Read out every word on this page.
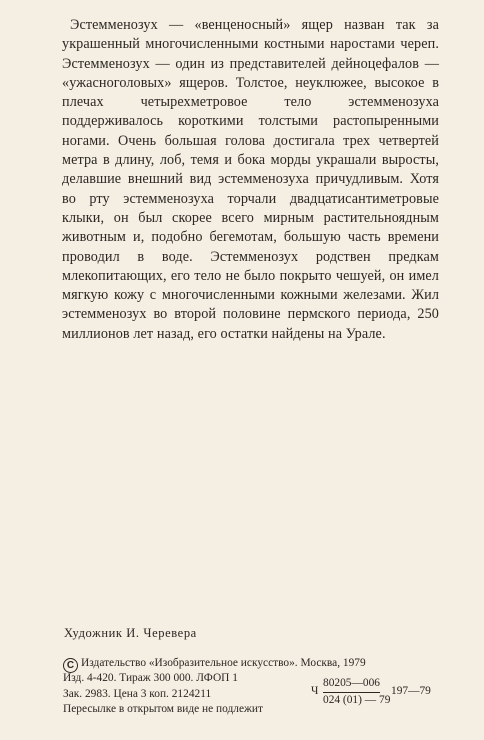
Эстемменозух — «венценосный» ящер назван так за украшенный многочисленными костными наростами череп. Эстемменозух — один из представителей дейноцефалов — «ужасноголовых» ящеров. Толстое, неуклюжее, высокое в плечах четырехметровое тело эстемменозуха поддерживалось короткими толстыми растопыренными ногами. Очень большая голова достигала трех четвертей метра в длину, лоб, темя и бока морды украшали выросты, делавшие внешний вид эстемменозуха причудливым. Хотя во рту эстемменозуха торчали двадцатисантиметровые клыки, он был скорее всего мирным растительноядным животным и, подобно бегемотам, большую часть времени проводил в воде. Эстемменозух родствен предкам млекопитающих, его тело не было покрыто чешуей, он имел мягкую кожу с многочисленными кожными железами. Жил эстемменозух во второй половине пермского периода, 250 миллионов лет назад, его остатки найдены на Урале.

Художник И. Черевера
C Издательство «Изобразительное искусство». Москва, 1979
Изд. 4-420. Тираж 300 000. ЛФОП 1
Зак. 2983. Цена 3 коп. 2124211
Пересылке в открытом виде не подлежит
Ч
80205—006
197—79
024 (01) — 79
